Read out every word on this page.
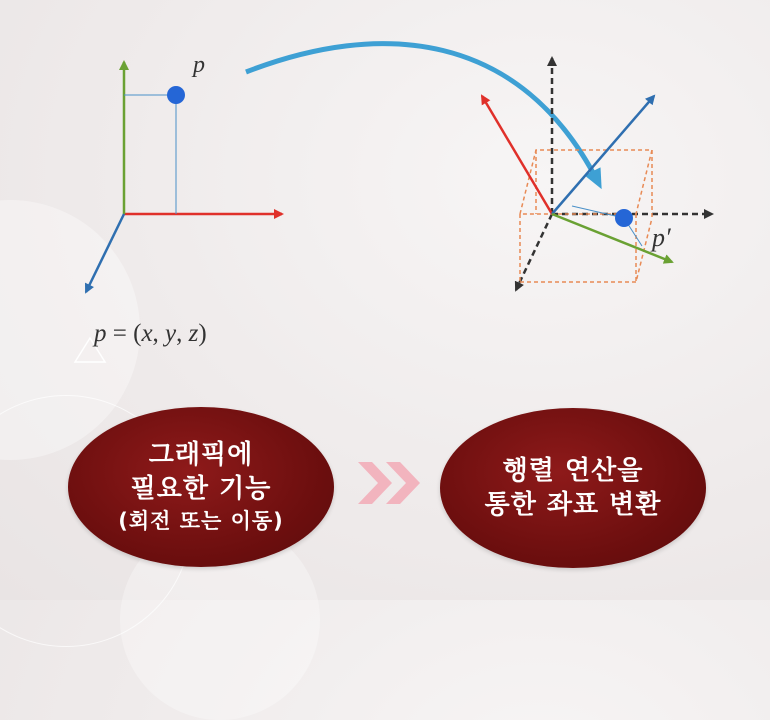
p
p′
p = (x, y, z)
그래픽에
필요한 기능
(회전 또는 이동)
행렬 연산을
통한 좌표 변환
